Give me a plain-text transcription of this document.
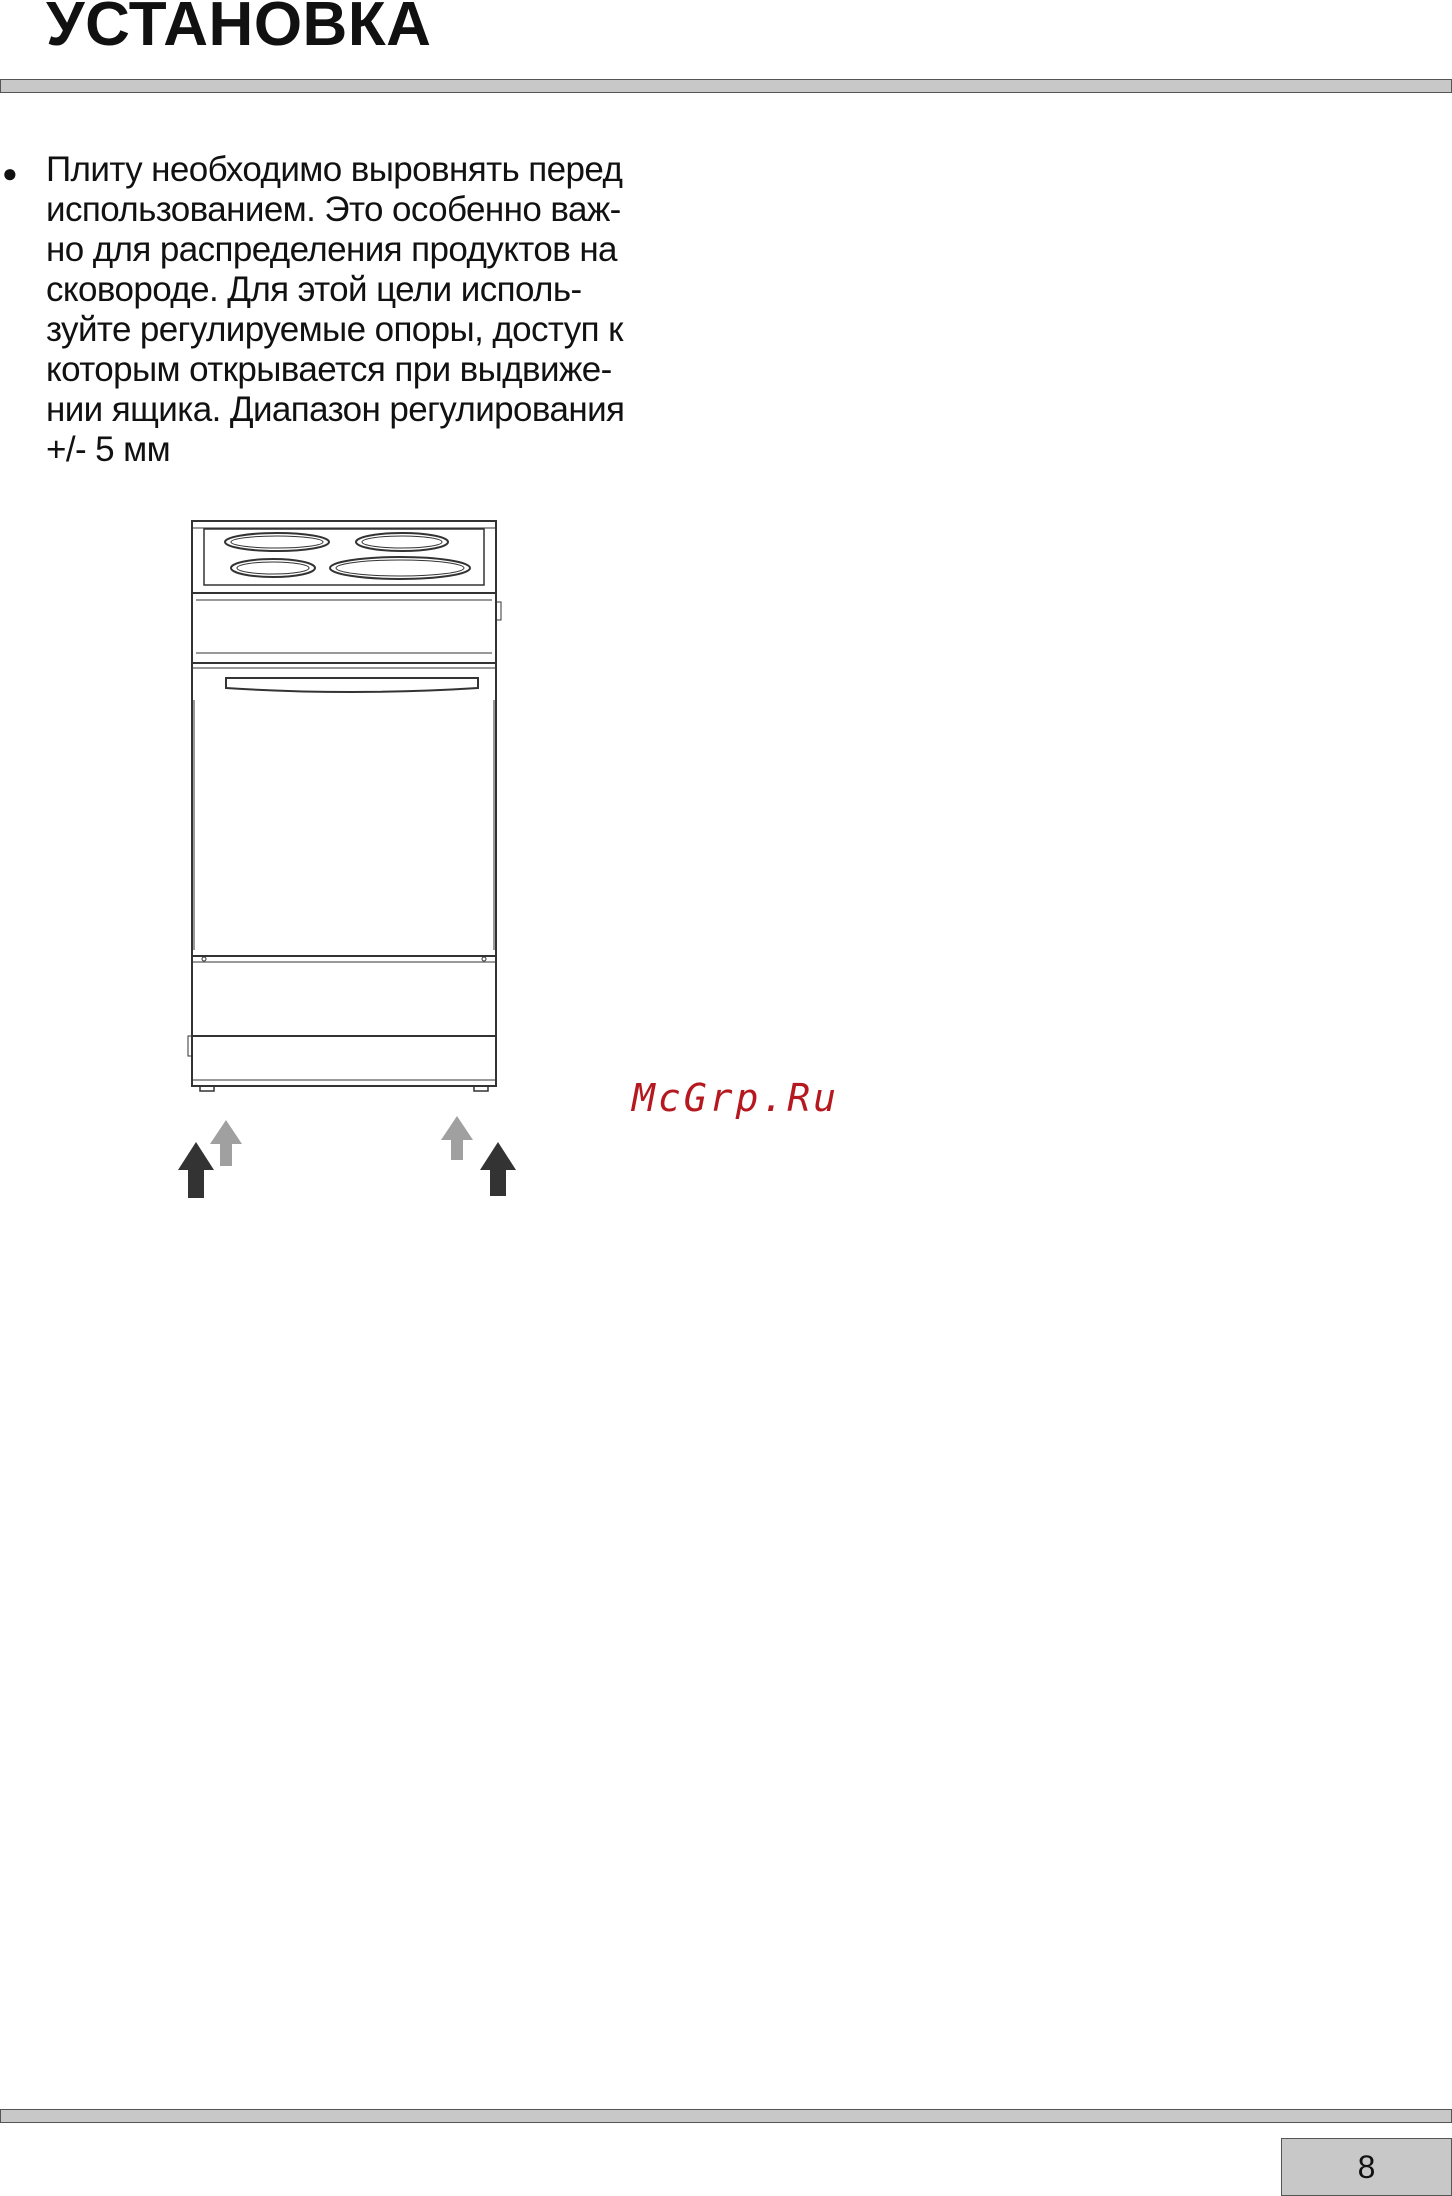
УСТАНОВКА
● Плиту необходимо выровнять перед
использованием. Это особенно важ-
но для распределения продуктов на
сковороде. Для этой цели исполь-
зуйте регулируемые опоры, доступ к
которым открывается при выдвиже-
нии ящика. Диапазон регулирования
+/- 5 мм

McGrp.Ru

8
